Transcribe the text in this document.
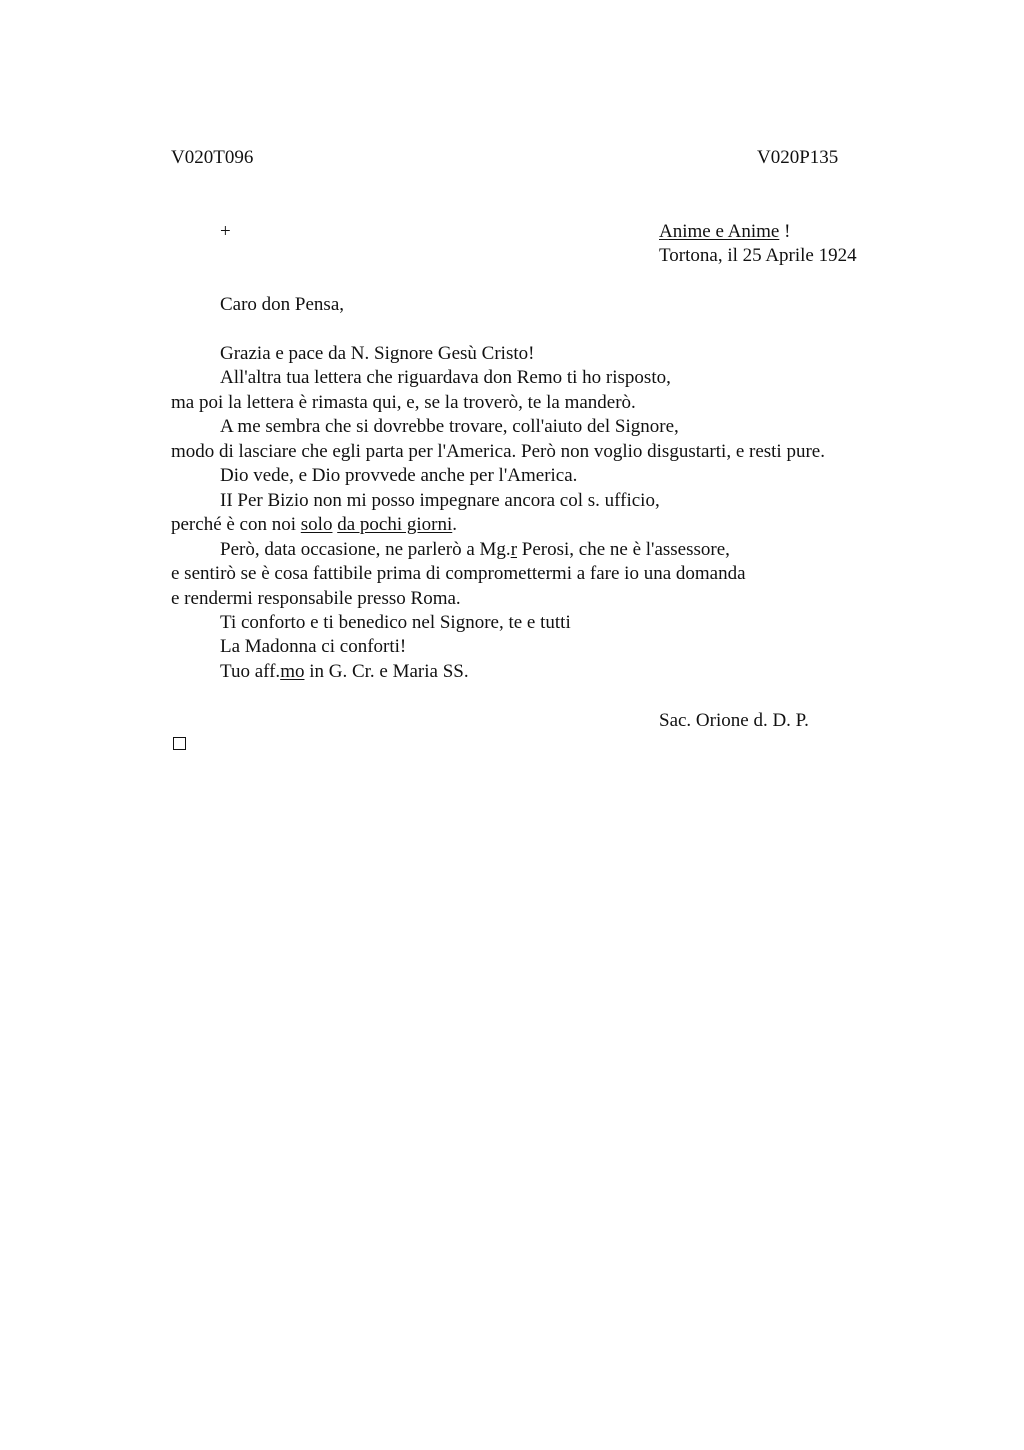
V020T096	V020P135
+	Anime e Anime !
Tortona, il 25 Aprile 1924
Caro don Pensa,
Grazia e pace da N. Signore Gesù Cristo!
All'altra tua lettera che riguardava don Remo ti ho risposto,
ma poi la lettera è rimasta qui, e, se la troverò, te la manderò.
A me sembra che si dovrebbe trovare, coll'aiuto del Signore,
modo di lasciare che egli parta per l'America. Però non voglio disgustarti, e resti pure.
Dio vede, e Dio provvede anche per l'America.
II Per Bizio non mi posso impegnare ancora col s. ufficio,
perché è con noi solo da pochi giorni.
Però, data occasione, ne parlerò a Mg.r Perosi, che ne è l'assessore,
e sentirò se è cosa fattibile prima di compromettermi a fare io una domanda
e rendermi responsabile presso Roma.
Ti conforto e ti benedico nel Signore, te e tutti
La Madonna ci conforti!
Tuo aff.mo in G. Cr. e Maria SS.
Sac. Orione d. D. P.
